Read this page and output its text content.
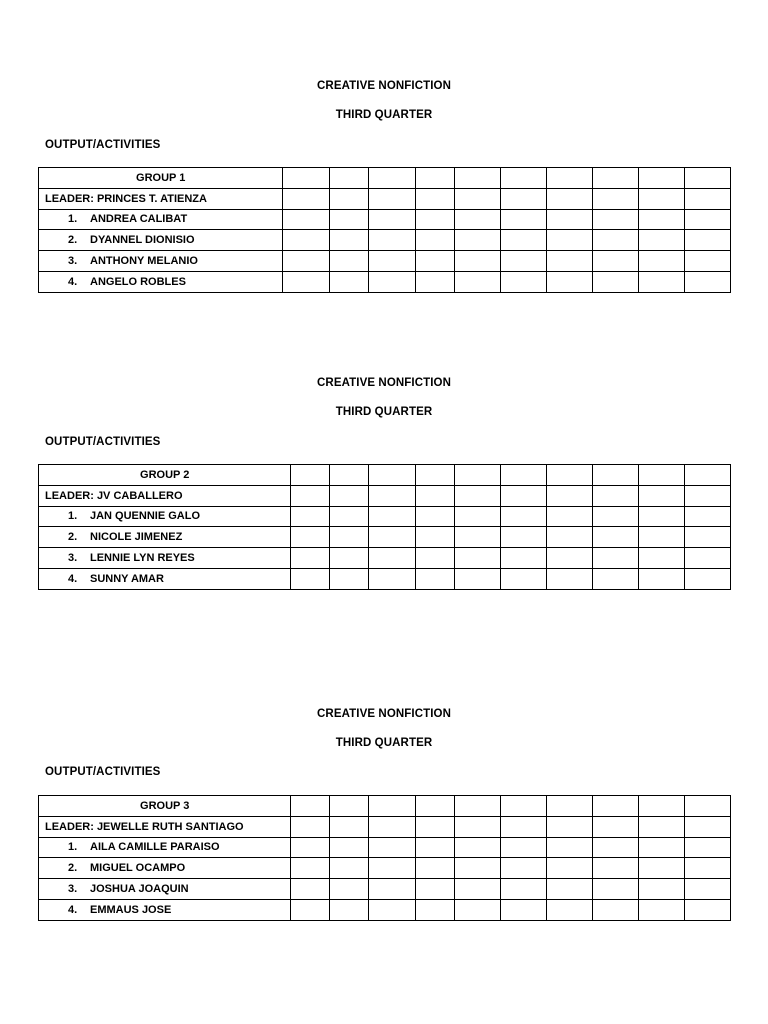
CREATIVE NONFICTION
THIRD QUARTER
OUTPUT/ACTIVITIES
GROUP 1										
LEADER: PRINCES T. ATIENZA										
1. ANDREA CALIBAT										
2. DYANNEL DIONISIO										
3. ANTHONY MELANIO										
4. ANGELO ROBLES										
CREATIVE NONFICTION
THIRD QUARTER
OUTPUT/ACTIVITIES
GROUP 2										
LEADER: JV CABALLERO										
1. JAN QUENNIE GALO										
2. NICOLE JIMENEZ										
3. LENNIE LYN REYES										
4. SUNNY AMAR										
CREATIVE NONFICTION
THIRD QUARTER
OUTPUT/ACTIVITIES
GROUP 3										
LEADER: JEWELLE RUTH SANTIAGO										
1. AILA CAMILLE PARAISO										
2. MIGUEL OCAMPO										
3. JOSHUA JOAQUIN										
4. EMMAUS JOSE										
